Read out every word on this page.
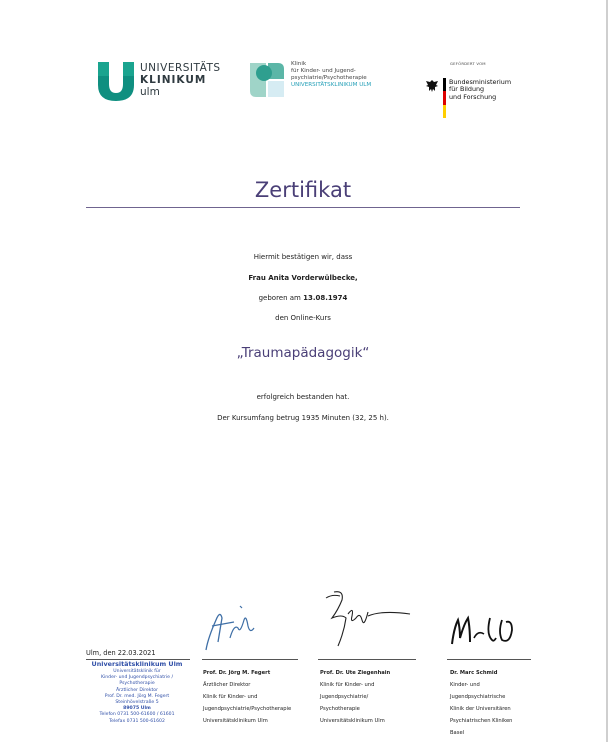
UNIVERSITÄTS
KLINIKUM
ulm
Klinik
für Kinder- und Jugend-
psychiatrie/Psychotherapie
UNIVERSITÄTSKLINIKUM ULM
GEFÖRDERT VOM
Bundesministerium
für Bildung
und Forschung
Zertifikat
Hiermit bestätigen wir, dass
Frau Anita Vorderwülbecke,
geboren am 13.08.1974
den Online-Kurs
„Traumapädagogik“
erfolgreich bestanden hat.
Der Kursumfang betrug 1935 Minuten (32, 25 h).
Ulm, den 22.03.2021
Universitätsklinikum Ulm
Universitätsklinik für
Kinder- und Jugendpsychiatrie / Psychotherapie
Ärztlicher Direktor
Prof. Dr. med. Jörg M. Fegert
Steinhövelstraße 5
89075 Ulm
Telefon 0731 500-61600 / 61601
Telefax 0731 500-61602
Prof. Dr. Jörg M. Fegert
Ärztlicher Direktor
Klinik für Kinder- und
Jugendpsychiatrie/Psychotherapie
Universitätsklinikum Ulm
Prof. Dr. Ute Ziegenhain
Klinik für Kinder- und
Jugendpsychiatrie/
Psychotherapie
Universitätsklinikum Ulm
Dr. Marc Schmid
Kinder- und
Jugendpsychiatrische
Klinik der Universitären
Psychiatrischen Kliniken
Basel
